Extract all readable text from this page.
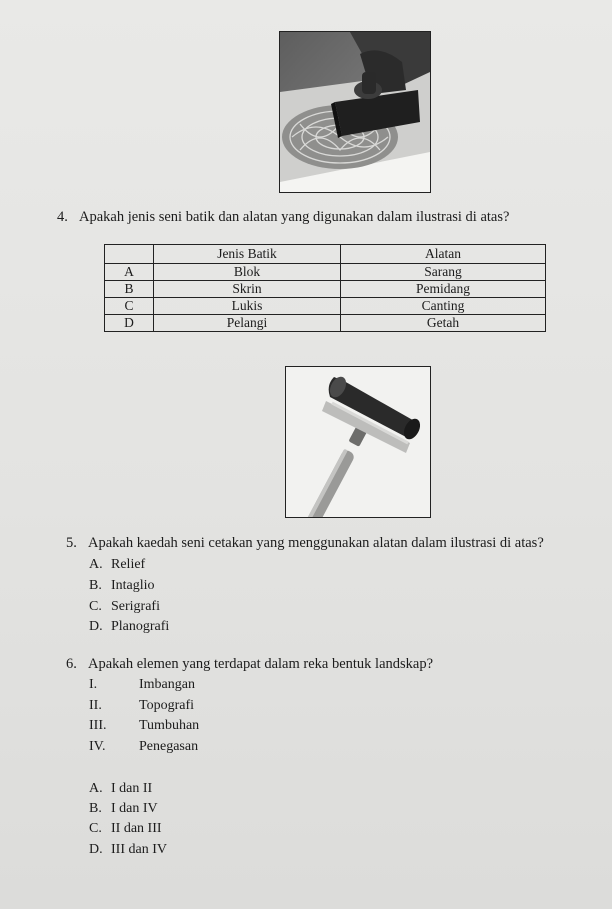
4. Apakah jenis seni batik dan alatan yang digunakan dalam ilustrasi di atas?
	Jenis Batik	Alatan
A	Blok	Sarang
B	Skrin	Pemidang
C	Lukis	Canting
D	Pelangi	Getah
5. Apakah kaedah seni cetakan yang menggunakan alatan dalam ilustrasi di atas?
A. Relief
B. Intaglio
C. Serigrafi
D. Planografi
6. Apakah elemen yang terdapat dalam reka bentuk landskap?
I.	Imbangan
II.	Topografi
III. Tumbuhan
IV. Penegasan
A. I dan II
B. I dan IV
C. II dan III
D. III dan IV
